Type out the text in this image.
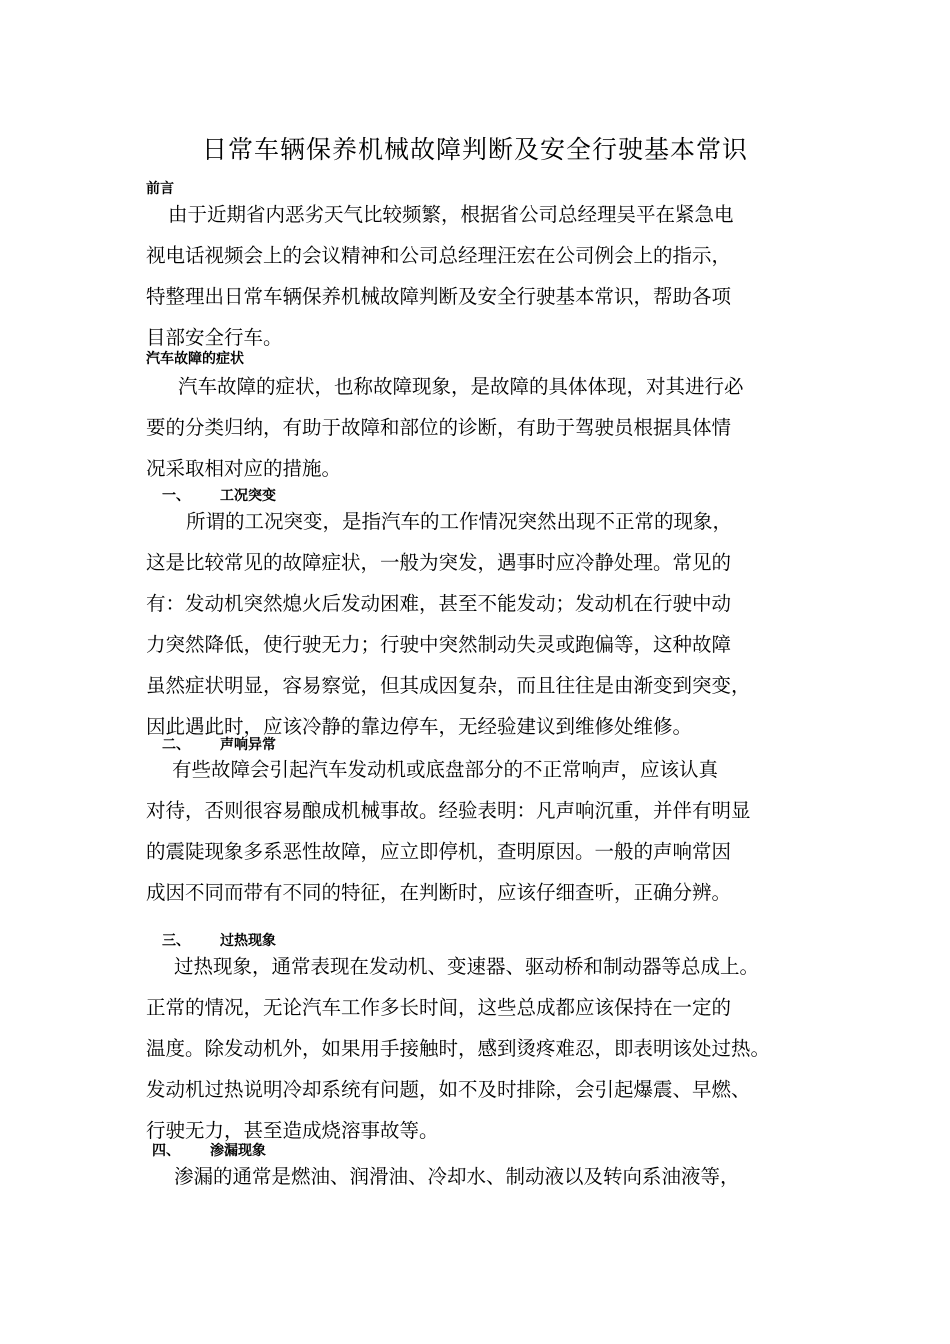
日常车辆保养机械故障判断及安全行驶基本常识
前言
由于近期省内恶劣天气比较频繁，根据省公司总经理吴平在紧急电
视电话视频会上的会议精神和公司总经理汪宏在公司例会上的指示，
特整理出日常车辆保养机械故障判断及安全行驶基本常识，帮助各项
目部安全行车。
汽车故障的症状
汽车故障的症状，也称故障现象，是故障的具体体现，对其进行必
要的分类归纳，有助于故障和部位的诊断，有助于驾驶员根据具体情
况采取相对应的措施。
一、 工况突变
所谓的工况突变，是指汽车的工作情况突然出现不正常的现象，
这是比较常见的故障症状，一般为突发，遇事时应冷静处理。常见的
有：发动机突然熄火后发动困难，甚至不能发动；发动机在行驶中动
力突然降低，使行驶无力；行驶中突然制动失灵或跑偏等，这种故障
虽然症状明显，容易察觉，但其成因复杂，而且往往是由渐变到突变，
因此遇此时，应该冷静的靠边停车，无经验建议到维修处维修。
二、 声响异常
有些故障会引起汽车发动机或底盘部分的不正常响声，应该认真
对待，否则很容易酿成机械事故。经验表明：凡声响沉重，并伴有明显
的震陡现象多系恶性故障，应立即停机，查明原因。一般的声响常因
成因不同而带有不同的特征，在判断时，应该仔细查听，正确分辨。
三、 过热现象
过热现象，通常表现在发动机、变速器、驱动桥和制动器等总成上。
正常的情况，无论汽车工作多长时间，这些总成都应该保持在一定的
温度。除发动机外，如果用手接触时，感到烫疼难忍，即表明该处过热。
发动机过热说明冷却系统有问题，如不及时排除，会引起爆震、早燃、
行驶无力，甚至造成烧溶事故等。
四、 渗漏现象
渗漏的通常是燃油、润滑油、冷却水、制动液以及转向系油液等，
